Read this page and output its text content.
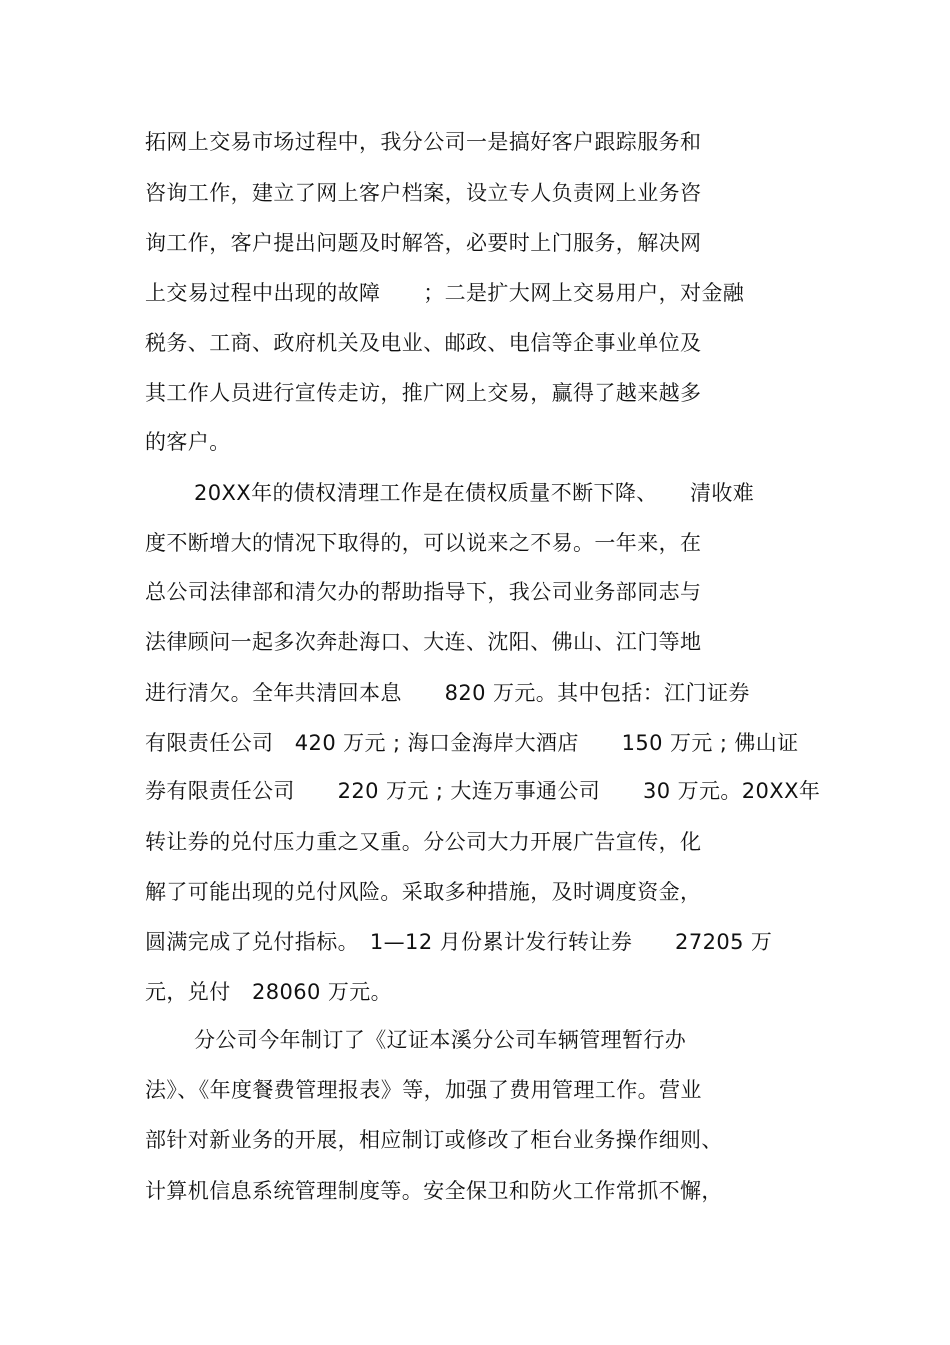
拓网上交易市场过程中，我分公司一是搞好客户跟踪服务和
咨询工作，建立了网上客户档案，设立专人负责网上业务咨
询工作，客户提出问题及时解答，必要时上门服务，解决网
上交易过程中出现的故障　　；二是扩大网上交易用户，对金融
税务、工商、政府机关及电业、邮政、电信等企事业单位及
其工作人员进行宣传走访，推广网上交易，赢得了越来越多
的客户。
20XX年的债权清理工作是在债权质量不断下降、　　清收难
度不断增大的情况下取得的，可以说来之不易。一年来，在
总公司法律部和清欠办的帮助指导下，我公司业务部同志与
法律顾问一起多次奔赴海口、大连、沈阳、佛山、江门等地
进行清欠。全年共清回本息　　820 万元。其中包括：江门证券
有限责任公司　420 万元 ; 海口金海岸大酒店　　150 万元 ; 佛山证
券有限责任公司　　220 万元 ; 大连万事通公司　　30 万元。20XX年
转让券的兑付压力重之又重。分公司大力开展广告宣传，化
解了可能出现的兑付风险。采取多种措施，及时调度资金，
圆满完成了兑付指标。　1—12 月份累计发行转让券　　27205 万
元，兑付　28060 万元。
分公司今年制订了《辽证本溪分公司车辆管理暂行办
法》、《年度餐费管理报表》等，加强了费用管理工作。营业
部针对新业务的开展，相应制订或修改了柜台业务操作细则、
计算机信息系统管理制度等。安全保卫和防火工作常抓不懈，
